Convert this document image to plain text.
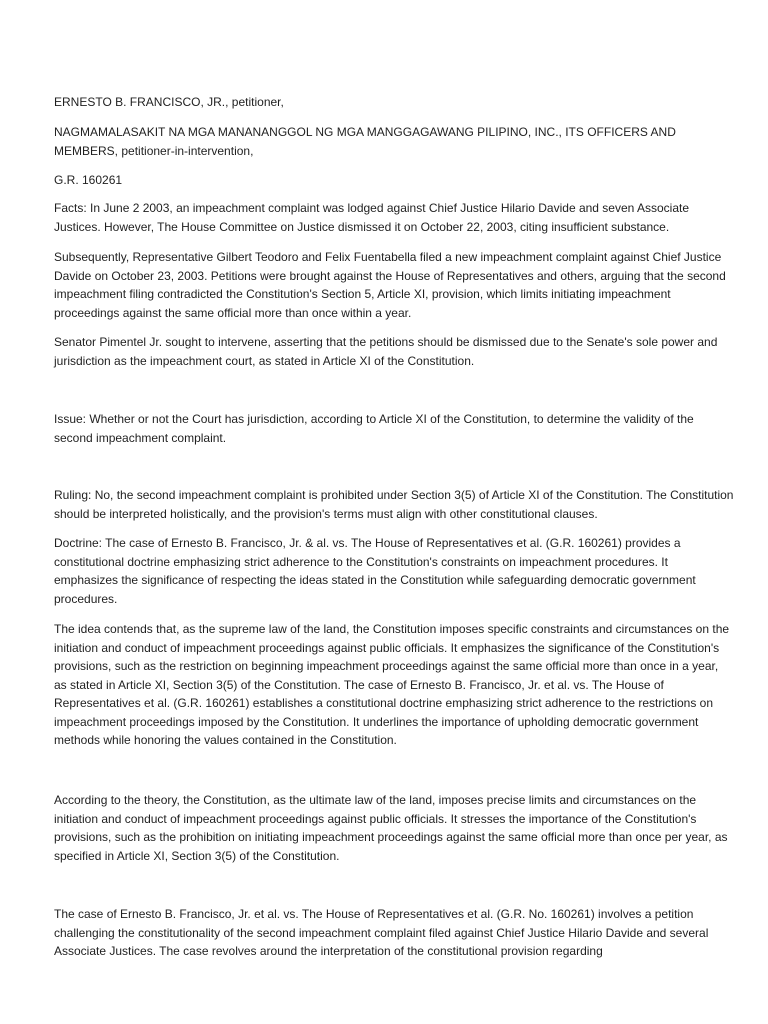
ERNESTO B. FRANCISCO, JR., petitioner,

NAGMAMALASAKIT NA MGA MANANANGGOL NG MGA MANGGAGAWANG PILIPINO, INC., ITS OFFICERS AND MEMBERS, petitioner-in-intervention,

G.R. 160261

Facts: In June 2 2003, an impeachment complaint was lodged against Chief Justice Hilario Davide and seven Associate Justices. However, The House Committee on Justice dismissed it on October 22, 2003, citing insufficient substance.

Subsequently, Representative Gilbert Teodoro and Felix Fuentabella filed a new impeachment complaint against Chief Justice Davide on October 23, 2003. Petitions were brought against the House of Representatives and others, arguing that the second impeachment filing contradicted the Constitution's Section 5, Article XI, provision, which limits initiating impeachment proceedings against the same official more than once within a year.

Senator Pimentel Jr. sought to intervene, asserting that the petitions should be dismissed due to the Senate's sole power and jurisdiction as the impeachment court, as stated in Article XI of the Constitution.

Issue: Whether or not the Court has jurisdiction, according to Article XI of the Constitution, to determine the validity of the second impeachment complaint.

Ruling: No, the second impeachment complaint is prohibited under Section 3(5) of Article XI of the Constitution. The Constitution should be interpreted holistically, and the provision's terms must align with other constitutional clauses.

Doctrine: The case of Ernesto B. Francisco, Jr. & al. vs. The House of Representatives et al. (G.R. 160261) provides a constitutional doctrine emphasizing strict adherence to the Constitution's constraints on impeachment procedures. It emphasizes the significance of respecting the ideas stated in the Constitution while safeguarding democratic government procedures.

The idea contends that, as the supreme law of the land, the Constitution imposes specific constraints and circumstances on the initiation and conduct of impeachment proceedings against public officials. It emphasizes the significance of the Constitution's provisions, such as the restriction on beginning impeachment proceedings against the same official more than once in a year, as stated in Article XI, Section 3(5) of the Constitution. The case of Ernesto B. Francisco, Jr. et al. vs. The House of Representatives et al. (G.R. 160261) establishes a constitutional doctrine emphasizing strict adherence to the restrictions on impeachment proceedings imposed by the Constitution. It underlines the importance of upholding democratic government methods while honoring the values contained in the Constitution.

According to the theory, the Constitution, as the ultimate law of the land, imposes precise limits and circumstances on the initiation and conduct of impeachment proceedings against public officials. It stresses the importance of the Constitution's provisions, such as the prohibition on initiating impeachment proceedings against the same official more than once per year, as specified in Article XI, Section 3(5) of the Constitution.

The case of Ernesto B. Francisco, Jr. et al. vs. The House of Representatives et al. (G.R. No. 160261) involves a petition challenging the constitutionality of the second impeachment complaint filed against Chief Justice Hilario Davide and several Associate Justices. The case revolves around the interpretation of the constitutional provision regarding
